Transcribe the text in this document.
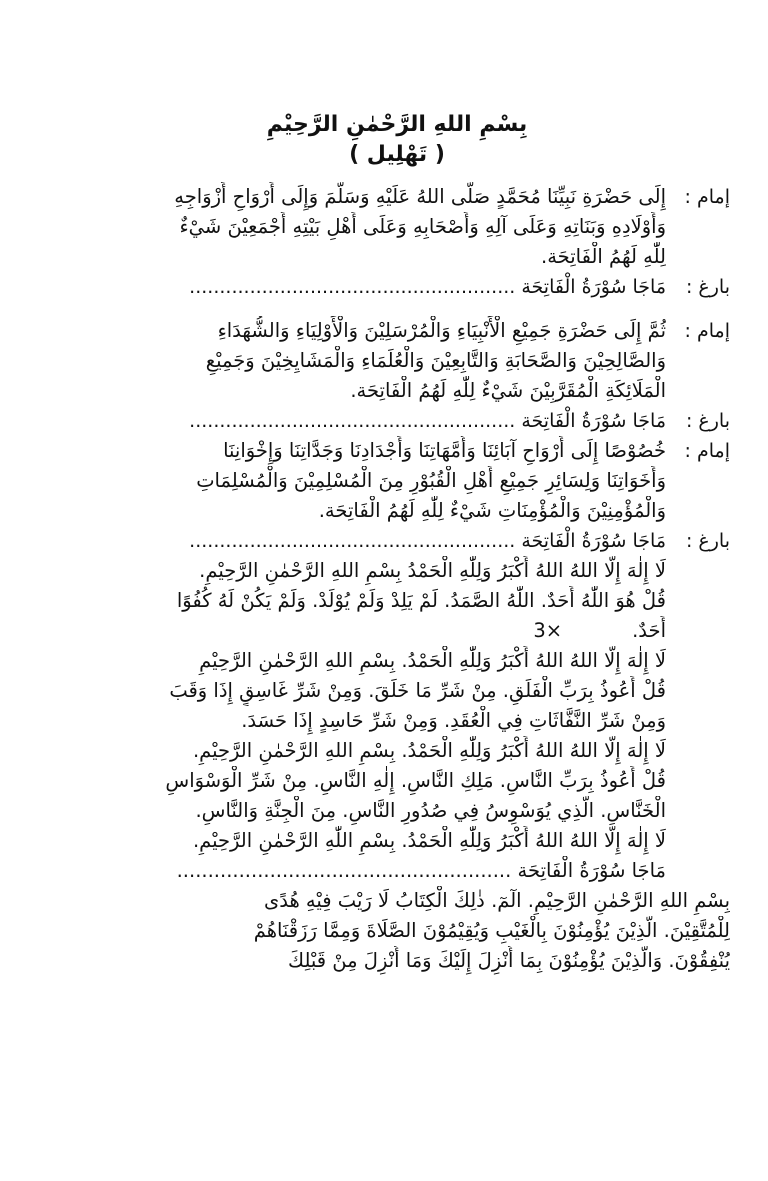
بِسْمِ اللهِ الرَّحْمٰنِ الرَّحِيْمِ

( تَهْلِيل )

إمام :
إِلَى حَضْرَةِ نَبِيِّنَا مُحَمَّدٍ صَلَّى اللهُ عَلَيْهِ وَسَلَّمَ وَإِلَى أَرْوَاحِ أَزْوَاجِهِ
وَأَوْلَادِهِ وَبَنَاتِهِ وَعَلَى آلِهِ وَأَصْحَابِهِ وَعَلَى أَهْلِ بَيْتِهِ أَجْمَعِيْنَ شَيْءٌ
لِلّٰهِ لَهُمُ الْفَاتِحَة.
بارغ :
مَاجَا سُوْرَةُ الْفَاتِحَة ......................................................
إمام :
ثُمَّ إِلَى حَضْرَةِ جَمِيْعِ الْأَنْبِيَاءِ وَالْمُرْسَلِيْنَ وَالْأَوْلِيَاءِ وَالشُّهَدَاءِ
وَالصَّالِحِيْنَ وَالصَّحَابَةِ وَالتَّابِعِيْنَ وَالْعُلَمَاءِ وَالْمَشَايِخِيْنَ وَجَمِيْعِ
الْمَلَائِكَةِ الْمُقَرَّبِيْنَ شَيْءٌ لِلّٰهِ لَهُمُ الْفَاتِحَة.
بارغ :
مَاجَا سُوْرَةُ الْفَاتِحَة ......................................................
إمام :
خُصُوْصًا إِلَى أَرْوَاحِ آبَائِنَا وَأُمَّهَاتِنَا وَأَجْدَادِنَا وَجَدَّاتِنَا وَإِخْوَانِنَا
وَأَخَوَاتِنَا وَلِسَائِرِ جَمِيْعِ أَهْلِ الْقُبُوْرِ مِنَ الْمُسْلِمِيْنَ وَالْمُسْلِمَاتِ
وَالْمُؤْمِنِيْنَ وَالْمُؤْمِنَاتِ شَيْءٌ لِلّٰهِ لَهُمُ الْفَاتِحَة.
بارغ :
مَاجَا سُوْرَةُ الْفَاتِحَة ......................................................
لَا إِلٰهَ إِلَّا اللهُ اللهُ أَكْبَرُ وَلِلّٰهِ الْحَمْدُ بِسْمِ اللهِ الرَّحْمٰنِ الرَّحِيْمِ.
قُلْ هُوَ اللّٰهُ أَحَدٌ. اللّٰهُ الصَّمَدُ. لَمْ يَلِدْ وَلَمْ يُوْلَدْ. وَلَمْ يَكُنْ لَهُ كُفُوًا
أَحَدٌ.×3
لَا إِلٰهَ إِلَّا اللهُ اللهُ أَكْبَرُ وَلِلّٰهِ الْحَمْدُ. بِسْمِ اللهِ الرَّحْمٰنِ الرَّحِيْمِ
قُلْ أَعُوذُ بِرَبِّ الْفَلَقِ. مِنْ شَرِّ مَا خَلَقَ. وَمِنْ شَرِّ غَاسِقٍ إِذَا وَقَبَ
وَمِنْ شَرِّ النَّفَّاثَاتِ فِي الْعُقَدِ. وَمِنْ شَرِّ حَاسِدٍ إِذَا حَسَدَ.
لَا إِلٰهَ إِلَّا اللهُ اللهُ أَكْبَرُ وَلِلّٰهِ الْحَمْدُ. بِسْمِ اللهِ الرَّحْمٰنِ الرَّحِيْمِ.
قُلْ أَعُوذُ بِرَبِّ النَّاسِ. مَلِكِ النَّاسِ. إِلٰهِ النَّاسِ. مِنْ شَرِّ الْوَسْوَاسِ
الْخَنَّاسِ. الَّذِي يُوَسْوِسُ فِي صُدُورِ النَّاسِ. مِنَ الْجِنَّةِ وَالنَّاسِ.
لَا إِلٰهَ إِلَّا اللهُ اللهُ أَكْبَرُ وَلِلّٰهِ الْحَمْدُ. بِسْمِ اللّٰهِ الرَّحْمٰنِ الرَّحِيْمِ.
مَاجَا سُوْرَةُ الْفَاتِحَة ......................................................
بِسْمِ اللهِ الرَّحْمٰنِ الرَّحِيْمِ. الٓمٓ. ذٰلِكَ الْكِتَابُ لَا رَيْبَ فِيْهِ هُدًى
لِلْمُتَّقِيْنَ. الَّذِيْنَ يُؤْمِنُوْنَ بِالْغَيْبِ وَيُقِيْمُوْنَ الصَّلَاةَ وَمِمَّا رَزَقْنَاهُمْ
يُنْفِقُوْنَ. وَالَّذِيْنَ يُؤْمِنُوْنَ بِمَا أُنْزِلَ إِلَيْكَ وَمَا أُنْزِلَ مِنْ قَبْلِكَ
